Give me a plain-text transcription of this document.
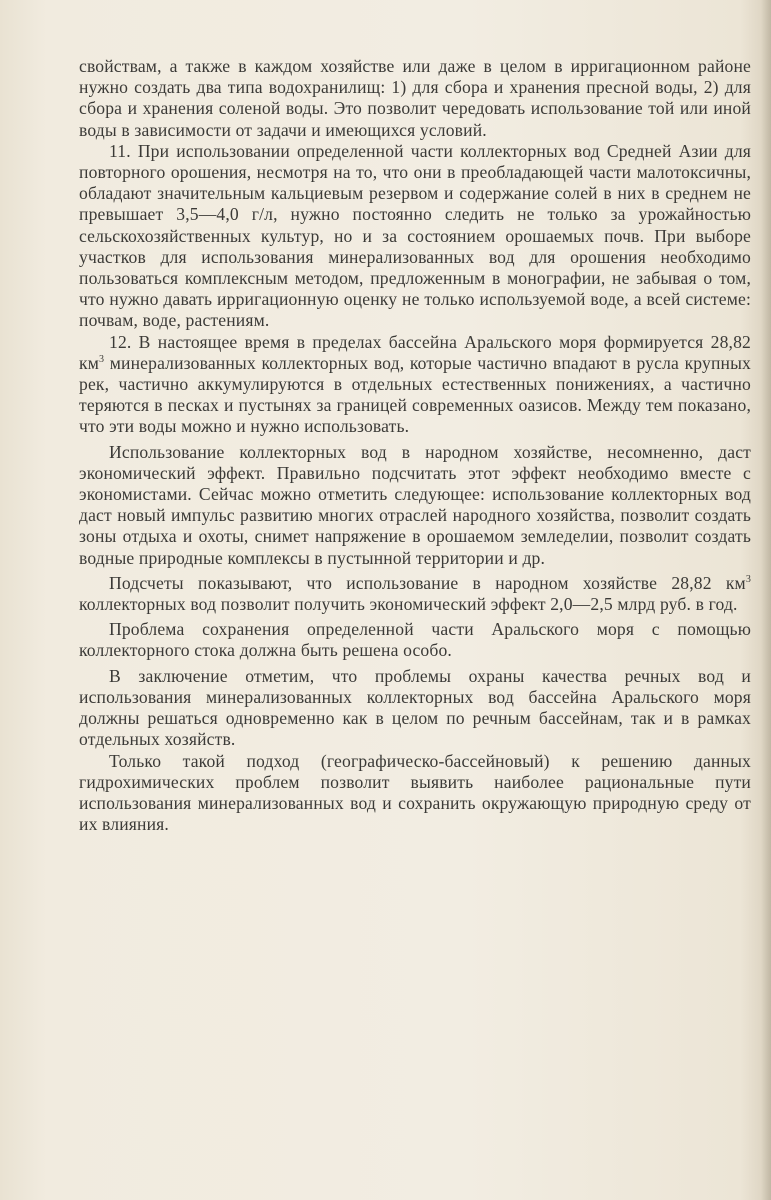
свойствам, а также в каждом хозяйстве или даже в целом в ирригационном районе нужно создать два типа водохранилищ: 1) для сбора и хранения пресной воды, 2) для сбора и хранения соленой воды. Это позволит чередовать использование той или иной воды в зависимости от задачи и имеющихся условий.

11. При использовании определенной части коллекторных вод Средней Азии для повторного орошения, несмотря на то, что они в преобладающей части малотоксичны, обладают значительным кальциевым резервом и содержание солей в них в среднем не превышает 3,5—4,0 г/л, нужно постоянно следить не только за урожайностью сельскохозяйственных культур, но и за состоянием орошаемых почв. При выборе участков для использования минерализованных вод для орошения необходимо пользоваться комплексным методом, предложенным в монографии, не забывая о том, что нужно давать ирригационную оценку не только используемой воде, а всей системе: почвам, воде, растениям.

12. В настоящее время в пределах бассейна Аральского моря формируется 28,82 $км^3$ минерализованных коллекторных вод, которые частично впадают в русла крупных рек, частично аккумулируются в отдельных естественных понижениях, а частично теряются в песках и пустынях за границей современных оазисов. Между тем показано, что эти воды можно и нужно использовать.

Использование коллекторных вод в народном хозяйстве, несомненно, даст экономический эффект. Правильно подсчитать этот эффект необходимо вместе с экономистами. Сейчас можно отметить следующее: использование коллекторных вод даст новый импульс развитию многих отраслей народного хозяйства, позволит создать зоны отдыха и охоты, снимет напряжение в орошаемом земледелии, позволит создать водные природные комплексы в пустынной территории и др.

Подсчеты показывают, что использование в народном хозяйстве 28,82 $км^3$ коллекторных вод позволит получить экономический эффект 2,0—2,5 млрд руб. в год.

Проблема сохранения определенной части Аральского моря с помощью коллекторного стока должна быть решена особо.

В заключение отметим, что проблемы охраны качества речных вод и использования минерализованных коллекторных вод бассейна Аральского моря должны решаться одновременно как в целом по речным бассейнам, так и в рамках отдельных хозяйств.

Только такой подход (географическо-бассейновый) к решению данных гидрохимических проблем позволит выявить наиболее рациональные пути использования минерализованных вод и сохранить окружающую природную среду от их влияния.
